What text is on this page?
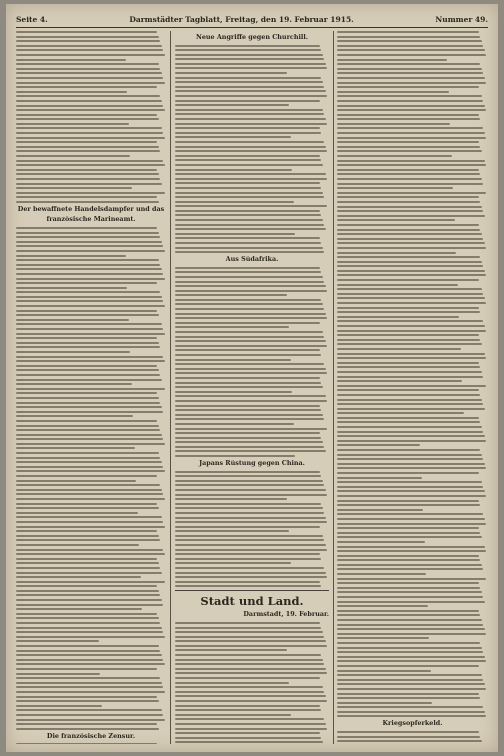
Seite 4.	Darmstädter Tagblatt, Freitag, den 19. Februar 1915.	Nummer 49.
Der bewaffnete Handelsdampfer und das
französische Marineamt.
Die französische Zensur.
Neue Angriffe gegen Churchill.
Aus Südafrika.
Japans Rüstung gegen China.
Stadt und Land.
Darmstadt, 19. Februar.
Kriegsopferkeld.
